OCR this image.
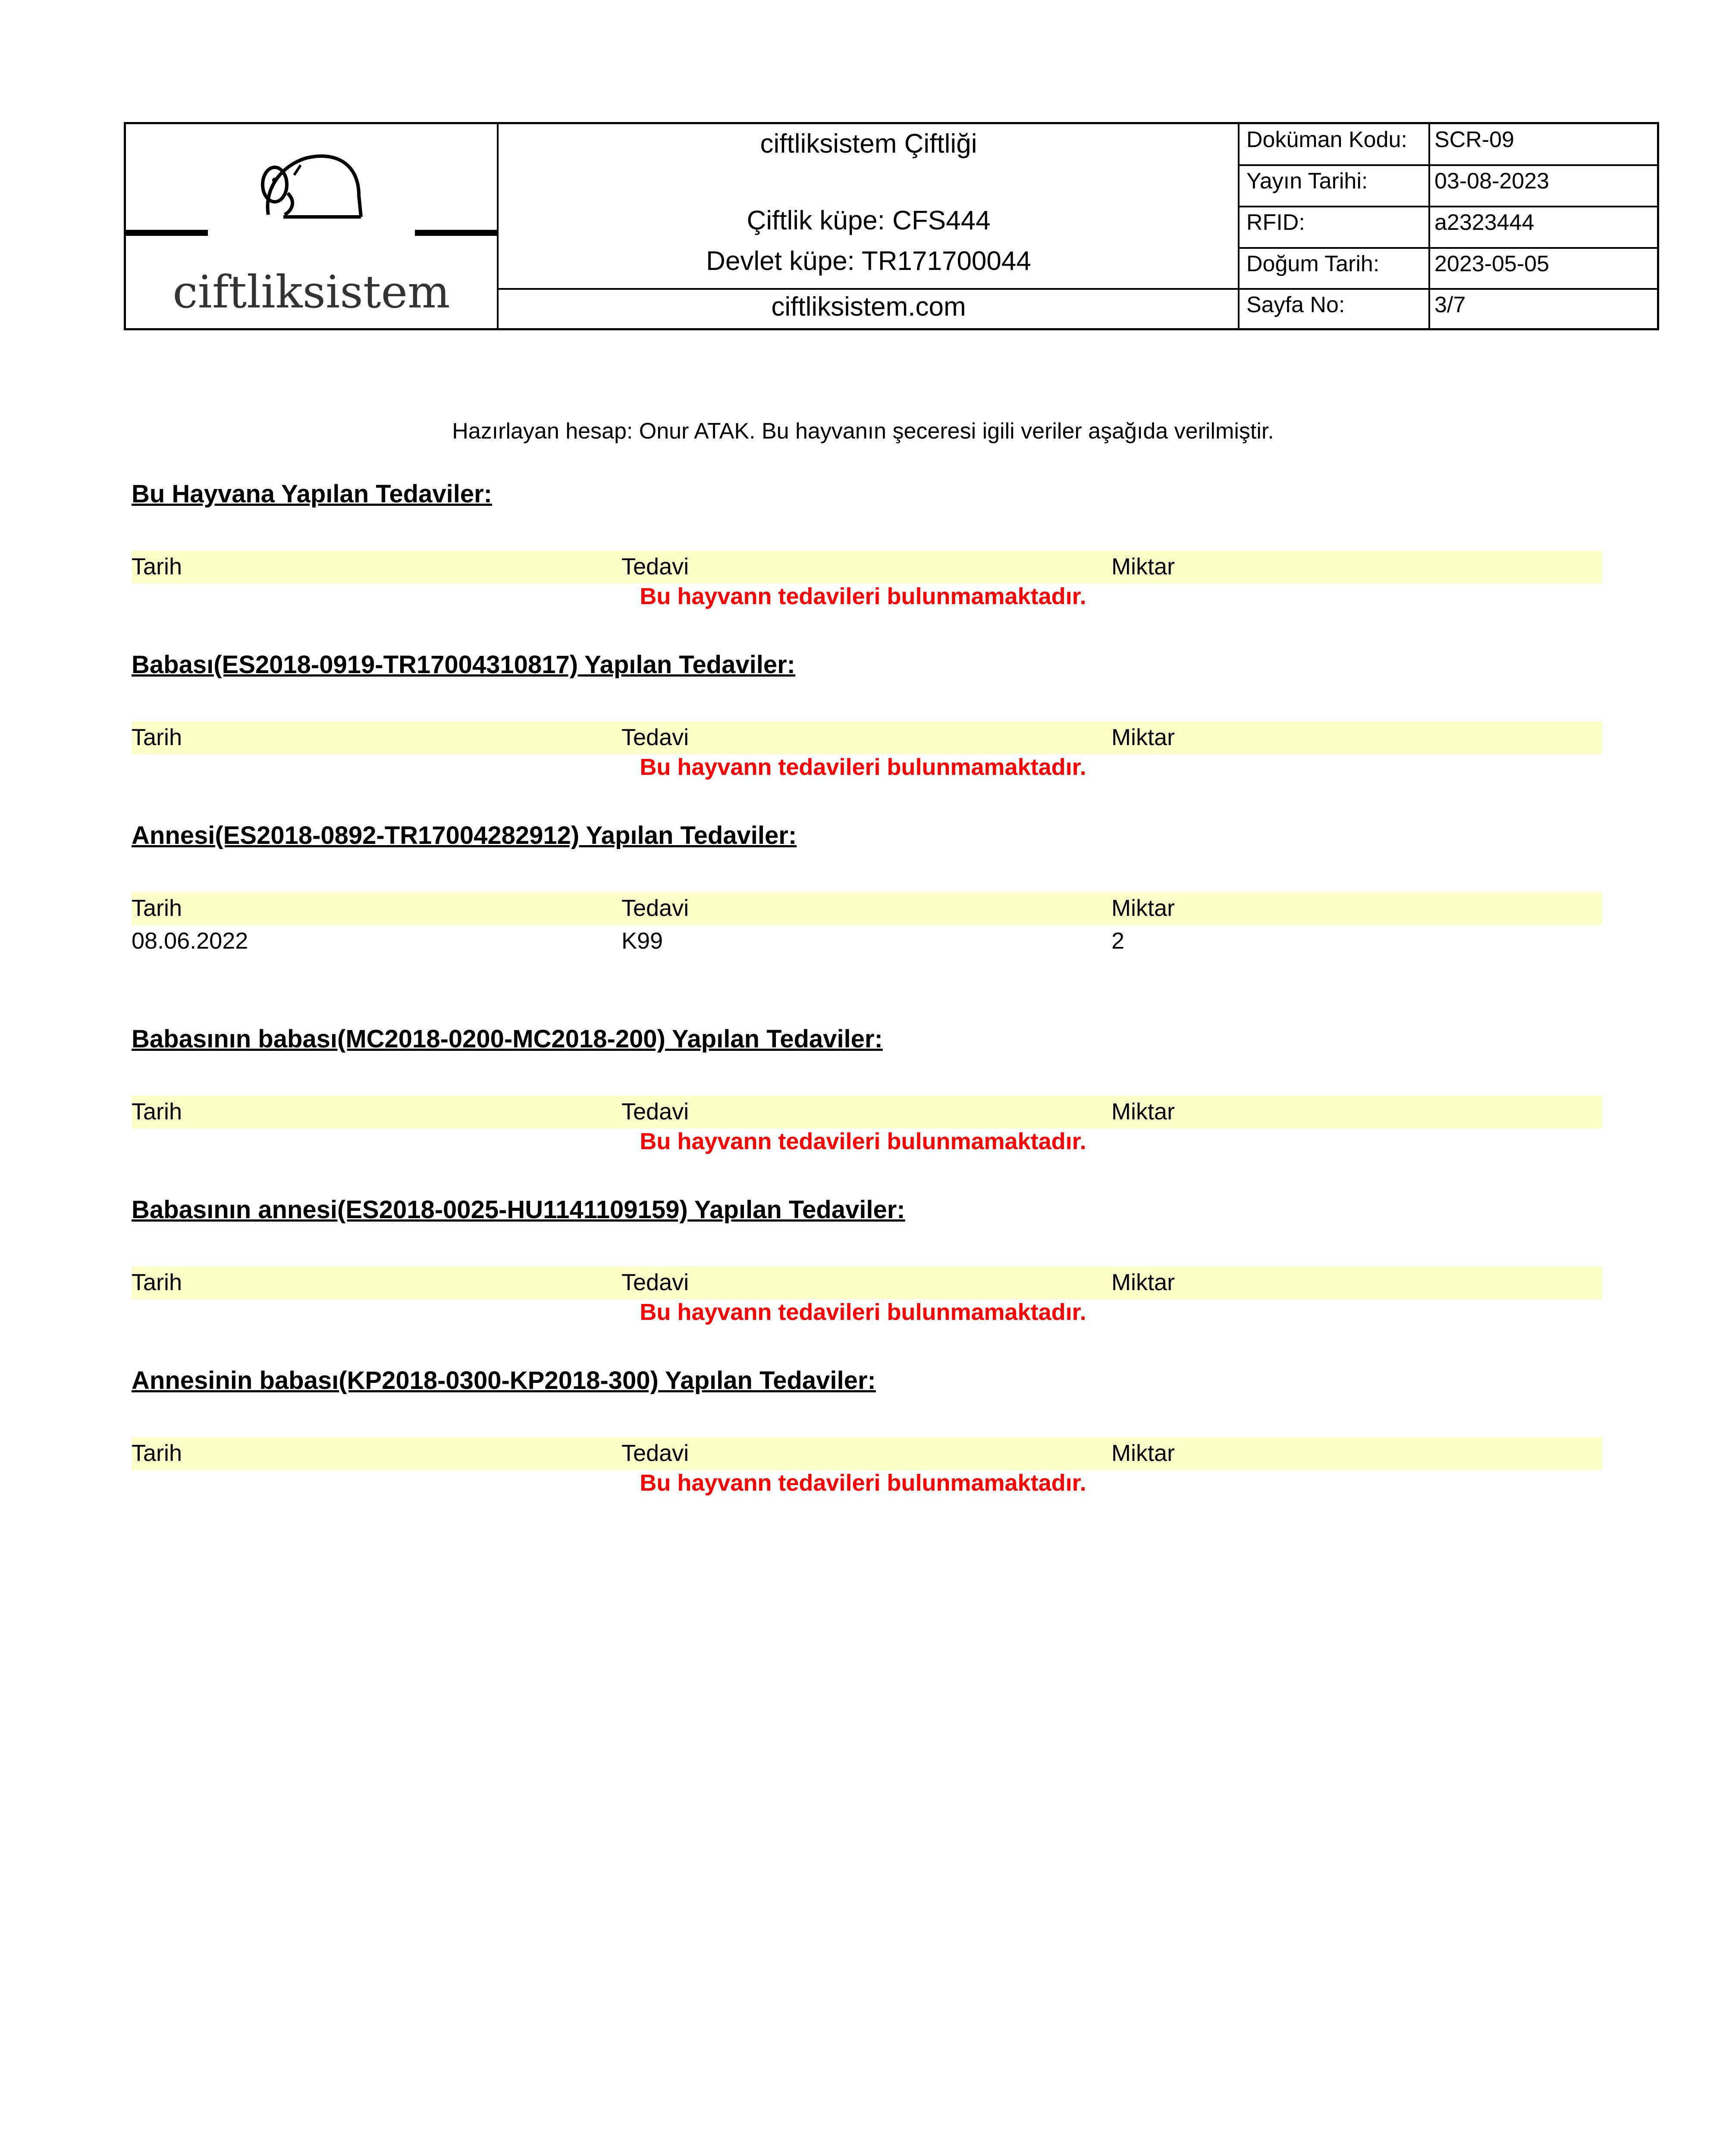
ciftliksistem
ciftliksistem Çiftliği
Çiftlik küpe: CFS444
Devlet küpe: TR171700044
ciftliksistem.com
Doküman Kodu: SCR-09
Yayın Tarihi:	03-08-2023
RFID:	a2323444
Doğum Tarih: 2023-05-05
Sayfa No:	3/7
Hazırlayan hesap: Onur ATAK. Bu hayvanın şeceresi igili veriler aşağıda verilmiştir.
Bu Hayvana Yapılan Tedaviler:
Tarih	Tedavi	Miktar
Bu hayvann tedavileri bulunmamaktadır.
Babası(ES2018-0919-TR17004310817) Yapılan Tedaviler:
Tarih	Tedavi	Miktar
Bu hayvann tedavileri bulunmamaktadır.
Annesi(ES2018-0892-TR17004282912) Yapılan Tedaviler:
Tarih	Tedavi	Miktar
08.06.2022	K99	2
Babasının babası(MC2018-0200-MC2018-200) Yapılan Tedaviler:
Tarih	Tedavi	Miktar
Bu hayvann tedavileri bulunmamaktadır.
Babasının annesi(ES2018-0025-HU1141109159) Yapılan Tedaviler:
Tarih	Tedavi	Miktar
Bu hayvann tedavileri bulunmamaktadır.
Annesinin babası(KP2018-0300-KP2018-300) Yapılan Tedaviler:
Tarih	Tedavi	Miktar
Bu hayvann tedavileri bulunmamaktadır.
